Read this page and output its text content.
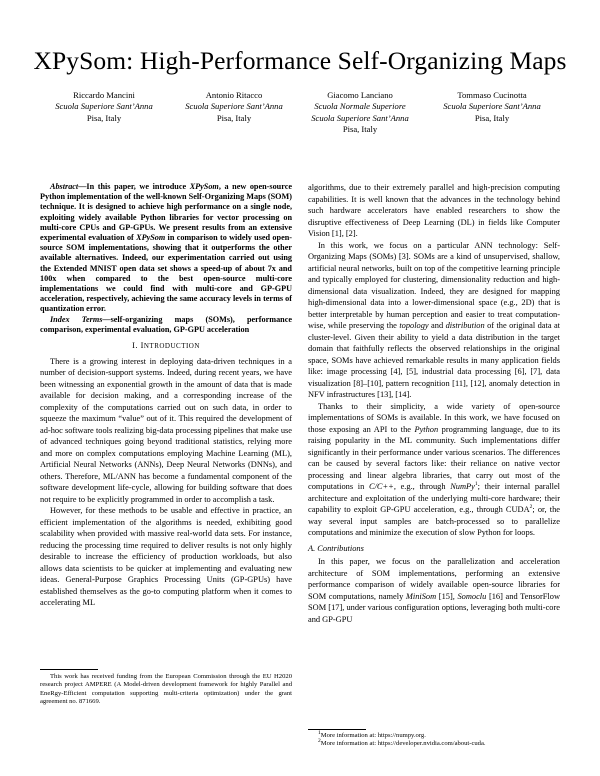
XPySom: High-Performance Self-Organizing Maps
Riccardo Mancini
Scuola Superiore Sant’Anna
Pisa, Italy
Antonio Ritacco
Scuola Superiore Sant’Anna
Pisa, Italy
Giacomo Lanciano
Scuola Normale Superiore
Scuola Superiore Sant’Anna
Pisa, Italy
Tommaso Cucinotta
Scuola Superiore Sant’Anna
Pisa, Italy

Abstract—In this paper, we introduce XPySom, a new open-source Python implementation of the well-known Self-Organizing Maps (SOM) technique. It is designed to achieve high performance on a single node, exploiting widely available Python libraries for vector processing on multi-core CPUs and GP-GPUs. We present results from an extensive experimental evaluation of XPySom in comparison to widely used open-source SOM implementations, showing that it outperforms the other available alternatives. Indeed, our experimentation carried out using the Extended MNIST open data set shows a speed-up of about 7x and 100x when compared to the best open-source multi-core implementations we could find with multi-core and GP-GPU acceleration, respectively, achieving the same accuracy levels in terms of quantization error.

Index Terms—self-organizing maps (SOMs), performance comparison, experimental evaluation, GP-GPU acceleration

I. INTRODUCTION

There is a growing interest in deploying data-driven techniques in a number of decision-support systems. Indeed, during recent years, we have been witnessing an exponential growth in the amount of data that is made available for decision making, and a corresponding increase of the complexity of the computations carried out on such data, in order to squeeze the maximum “value” out of it. This required the development of ad-hoc software tools realizing big-data processing pipelines that make use of advanced techniques going beyond traditional statistics, relying more and more on complex computations employing Machine Learning (ML), Artificial Neural Networks (ANNs), Deep Neural Networks (DNNs), and others. Therefore, ML/ANN has become a fundamental component of the software development life-cycle, allowing for building software that does not require to be explicitly programmed in order to accomplish a task.

However, for these methods to be usable and effective in practice, an efficient implementation of the algorithms is needed, exhibiting good scalability when provided with massive real-world data sets. For instance, reducing the processing time required to deliver results is not only highly desirable to increase the efficiency of production workloads, but also allows data scientists to be quicker at implementing and evaluating new ideas. General-Purpose Graphics Processing Units (GP-GPUs) have established themselves as the go-to computing platform when it comes to accelerating ML

This work has received funding from the European Commission through the EU H2020 research project AMPERE (A Model-driven development framework for highly Parallel and EneRgy-Efficient computation supporting multi-criteria optimization) under the grant agreement no. 871669.

algorithms, due to their extremely parallel and high-precision computing capabilities. It is well known that the advances in the technology behind such hardware accelerators have enabled researchers to show the disruptive effectiveness of Deep Learning (DL) in fields like Computer Vision [1], [2].

In this work, we focus on a particular ANN technology: Self-Organizing Maps (SOMs) [3]. SOMs are a kind of unsupervised, shallow, artificial neural networks, built on top of the competitive learning principle and typically employed for clustering, dimensionality reduction and high-dimensional data visualization. Indeed, they are designed for mapping high-dimensional data into a lower-dimensional space (e.g., 2D) that is better interpretable by human perception and easier to treat computation-wise, while preserving the topology and distribution of the original data at cluster-level. Given their ability to yield a data distribution in the target domain that faithfully reflects the observed relationships in the original space, SOMs have achieved remarkable results in many application fields like: image processing [4], [5], industrial data processing [6], [7], data visualization [8]–[10], pattern recognition [11], [12], anomaly detection in NFV infrastructures [13], [14].

Thanks to their simplicity, a wide variety of open-source implementations of SOMs is available. In this work, we have focused on those exposing an API to the Python programming language, due to its raising popularity in the ML community. Such implementations differ significantly in their performance under various scenarios. The differences can be caused by several factors like: their reliance on native vector processing and linear algebra libraries, that carry out most of the computations in C/C++, e.g., through NumPy$^1$; their internal parallel architecture and exploitation of the underlying multi-core hardware; their capability to exploit GP-GPU acceleration, e.g., through CUDA$^2$; or, the way several input samples are batch-processed so to parallelize computations and minimize the execution of slow Python for loops.

A. Contributions

In this paper, we focus on the parallelization and acceleration architecture of SOM implementations, performing an extensive performance comparison of widely available open-source libraries for SOM computations, namely MiniSom [15], Somoclu [16] and TensorFlow SOM [17], under various configuration options, leveraging both multi-core and GP-GPU

$^1$More information at: https://numpy.org.

$^2$More information at: https://developer.nvidia.com/about-cuda.
